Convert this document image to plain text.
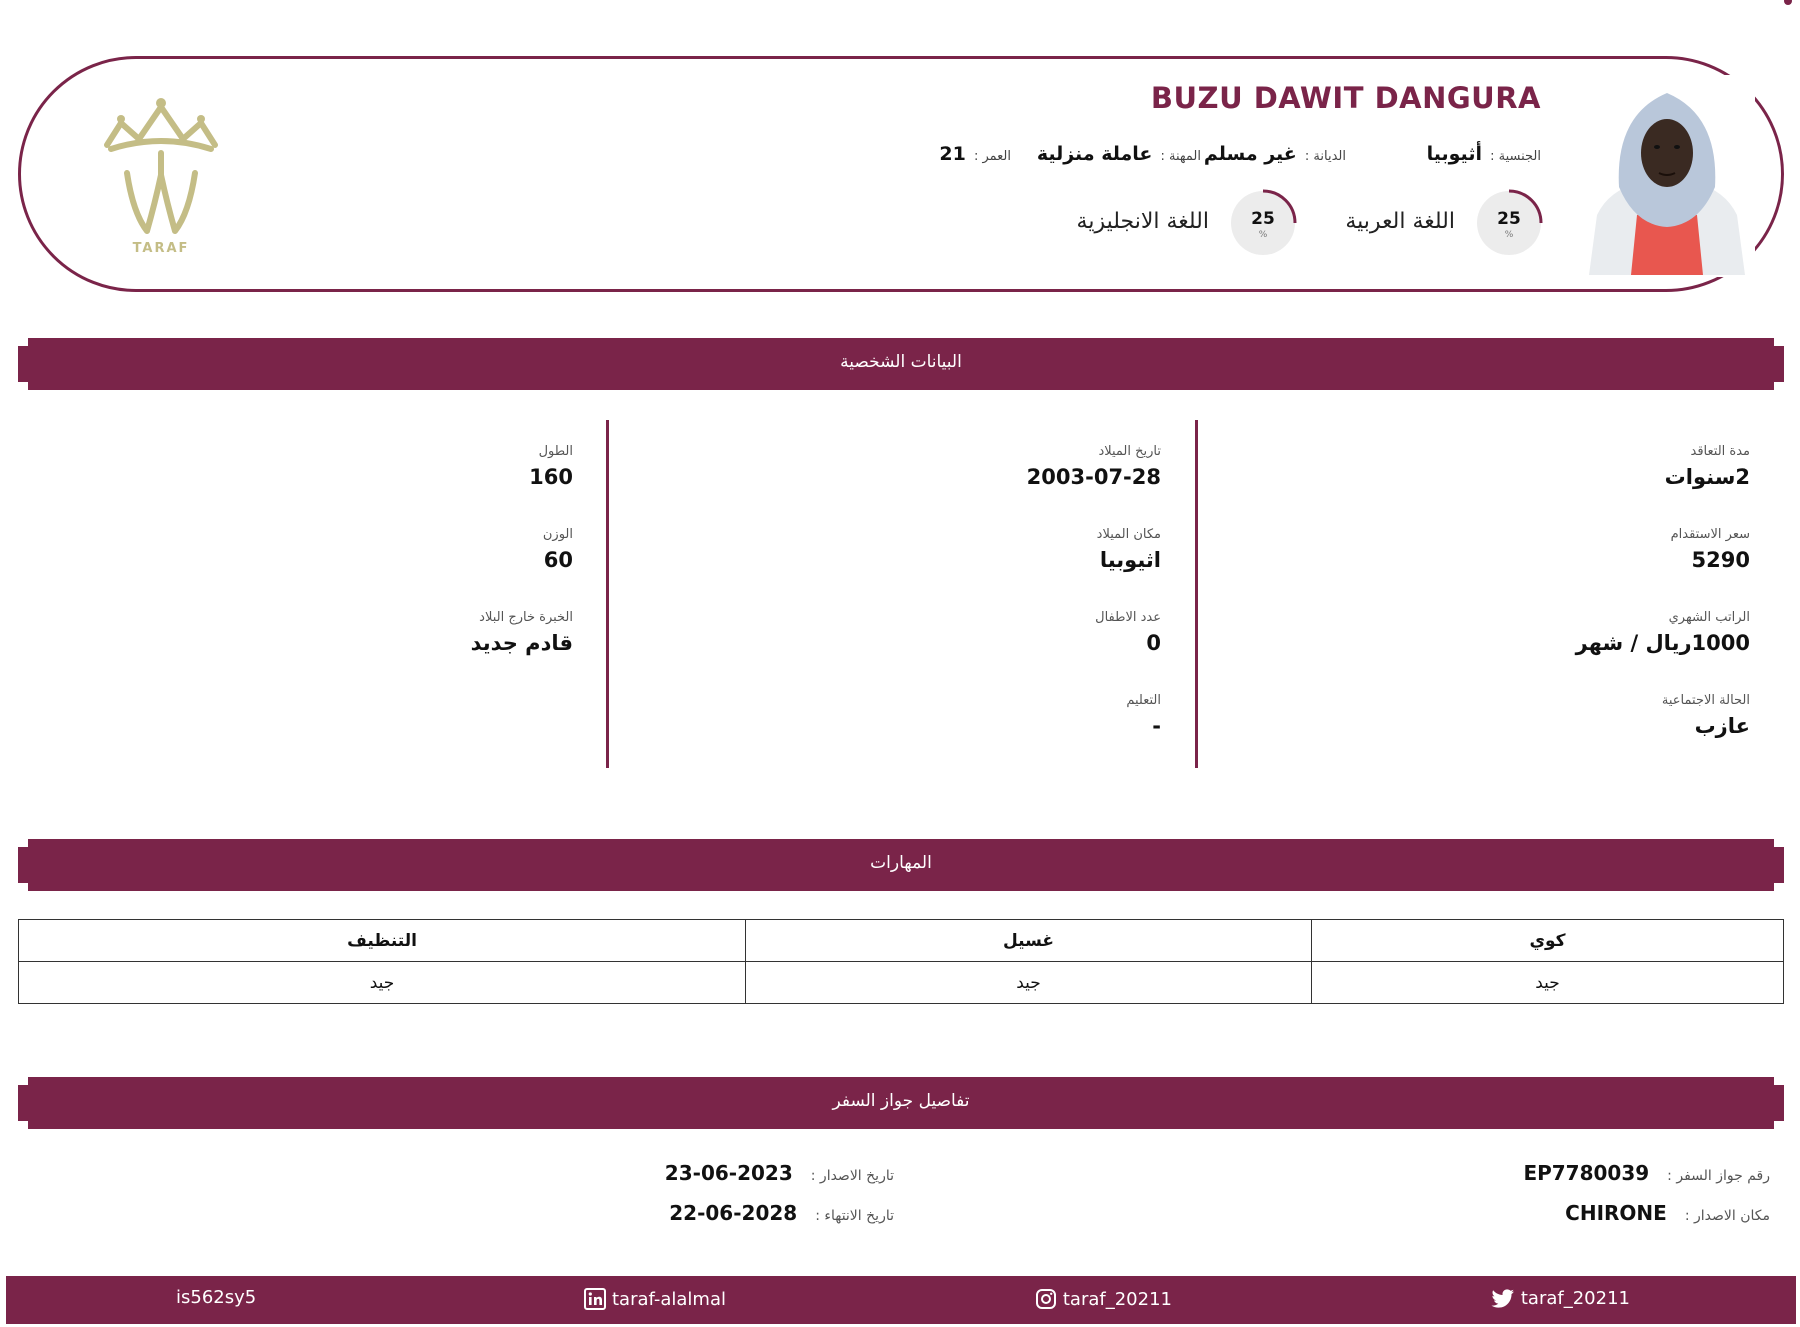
BUZU DAWIT DANGURA
الجنسية : أثيوبيا
الديانة : غير مسلم
المهنة : عاملة منزلية
العمر : 21
25
%
اللغة العربية
25
%
اللغة الانجليزية
TARAF
البيانات الشخصية
مدة التعاقد
2سنوات
سعر الاستقدام
5290
الراتب الشهري
1000ريال / شهر
الحالة الاجتماعية
عازب
تاريخ الميلاد
2003-07-28
مكان الميلاد
اثيوبيا
عدد الاطفال
0
التعليم
-
الطول
160
الوزن
60
الخبرة خارج البلاد
قادم جديد
المهارات
كوي	غسيل	التنظيف
جيد	جيد	جيد
تفاصيل جواز السفر
رقم جواز السفر :EP7780039
مكان الاصدار :CHIRONE
تاريخ الاصدار :2023-06-23
تاريخ الانتهاء :2028-06-22
taraf_20211
taraf_20211
taraf-alalmal
is562sy5
